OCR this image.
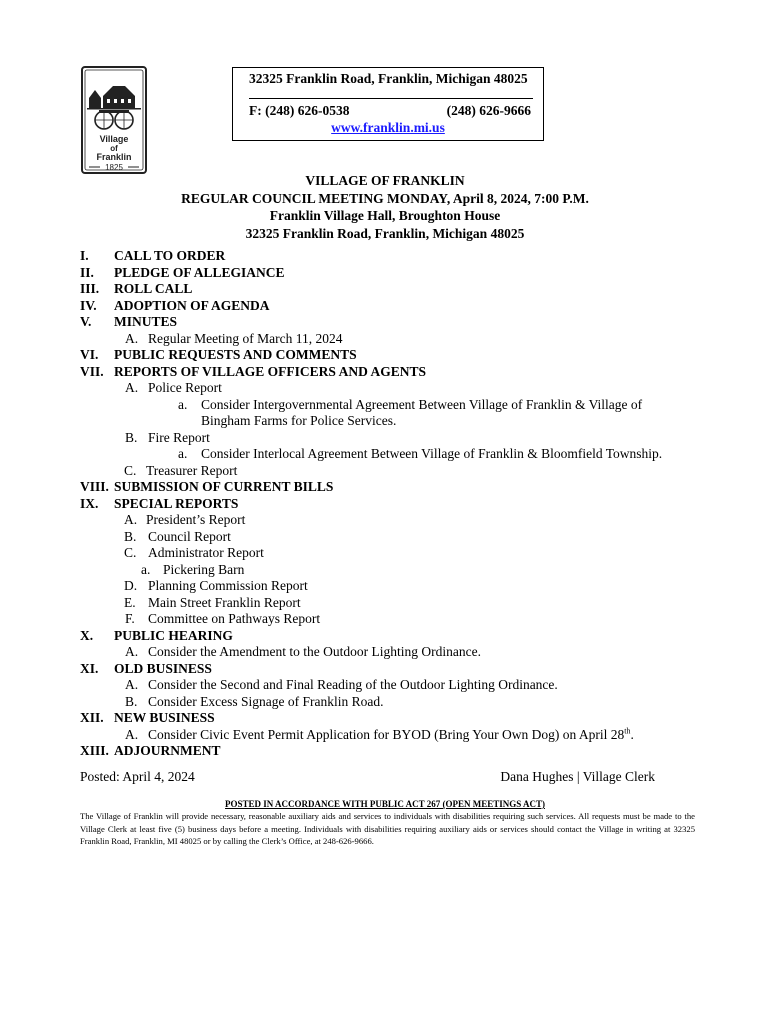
Village
of
Franklin
1825
32325 Franklin Road, Franklin, Michigan 48025
F: (248) 626-0538	(248) 626-9666
www.franklin.mi.us
VILLAGE OF FRANKLIN
REGULAR COUNCIL MEETING MONDAY, April 8, 2024, 7:00 P.M.
Franklin Village Hall, Broughton House
32325 Franklin Road, Franklin, Michigan 48025
I. CALL TO ORDER
II. PLEDGE OF ALLEGIANCE
III. ROLL CALL
IV. ADOPTION OF AGENDA
V. MINUTES
A. Regular Meeting of March 11, 2024
VI. PUBLIC REQUESTS AND COMMENTS
VII. REPORTS OF VILLAGE OFFICERS AND AGENTS
A. Police Report
a. Consider Intergovernmental Agreement Between Village of Franklin & Village of
Bingham Farms for Police Services.
B. Fire Report
a. Consider Interlocal Agreement Between Village of Franklin & Bloomfield Township.
C. Treasurer Report
VIII. SUBMISSION OF CURRENT BILLS
IX. SPECIAL REPORTS
A. President’s Report
B. Council Report
C. Administrator Report
a. Pickering Barn
D. Planning Commission Report
E. Main Street Franklin Report
F. Committee on Pathways Report
X. PUBLIC HEARING
A. Consider the Amendment to the Outdoor Lighting Ordinance.
XI. OLD BUSINESS
A. Consider the Second and Final Reading of the Outdoor Lighting Ordinance.
B. Consider Excess Signage of Franklin Road.
XII. NEW BUSINESS
A. Consider Civic Event Permit Application for BYOD (Bring Your Own Dog) on April 28th.
XIII. ADJOURNMENT
Posted: April 4, 2024	Dana Hughes | Village Clerk
POSTED IN ACCORDANCE WITH PUBLIC ACT 267 (OPEN MEETINGS ACT)
The Village of Franklin will provide necessary, reasonable auxiliary aids and services to individuals with disabilities requiring such services. All requests must be made to the Village Clerk at least five (5) business days before a meeting. Individuals with disabilities requiring auxiliary aids or services should contact the Village in writing at 32325 Franklin Road, Franklin, MI 48025 or by calling the Clerk’s Office, at 248-626-9666.
